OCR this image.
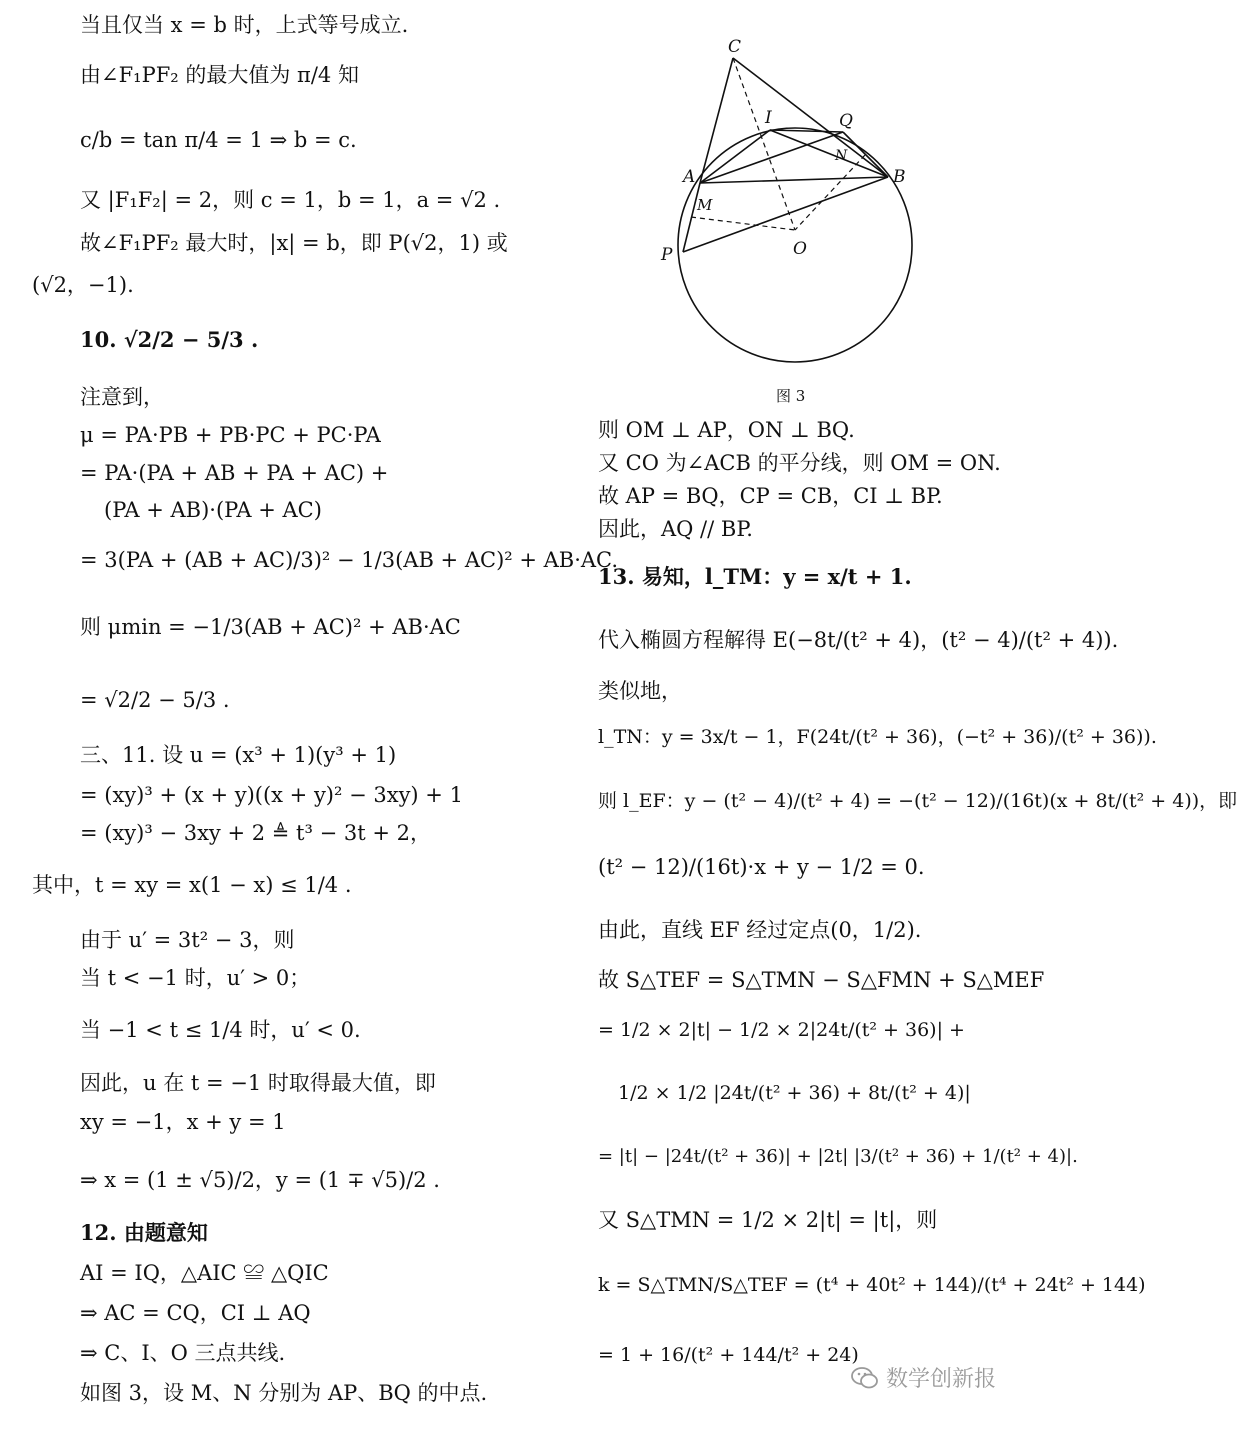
当且仅当 x = b 时，上式等号成立.
由∠F₁PF₂ 的最大值为 π/4 知
c/b = tan π/4 = 1 ⇒ b = c.
又 |F₁F₂| = 2，则 c = 1，b = 1，a = √2 .
故∠F₁PF₂ 最大时，|x| = b，即 P(√2，1) 或
(√2，−1).
10. √2/2 − 5/3 .
注意到，
μ = PA·PB + PB·PC + PC·PA
= PA·(PA + AB + PA + AC) +
(PA + AB)·(PA + AC)
= 3(PA + (AB + AC)/3)² − 1/3(AB + AC)² + AB·AC.
则 μmin = −1/3(AB + AC)² + AB·AC
= √2/2 − 5/3 .
三、11. 设 u = (x³ + 1)(y³ + 1)
= (xy)³ + (x + y)((x + y)² − 3xy) + 1
= (xy)³ − 3xy + 2 ≜ t³ − 3t + 2，
其中，t = xy = x(1 − x) ≤ 1/4 .
由于 u′ = 3t² − 3，则
当 t < −1 时，u′ > 0；
当 −1 < t ≤ 1/4 时，u′ < 0.
因此，u 在 t = −1 时取得最大值，即
xy = −1，x + y = 1
⇒ x = (1 ± √5)/2，y = (1 ∓ √5)/2 .
12. 由题意知
AI = IQ，△AIC ≌ △QIC
⇒ AC = CQ，CI ⊥ AQ
⇒ C、I、O 三点共线.
如图 3，设 M、N 分别为 AP、BQ 的中点.
C
I	Q
N
A	B
M
P	O
图 3
则 OM ⊥ AP，ON ⊥ BQ.
又 CO 为∠ACB 的平分线，则 OM = ON.
故 AP = BQ，CP = CB，CI ⊥ BP.
因此，AQ // BP.
13. 易知，l_TM：y = x/t + 1.
代入椭圆方程解得 E(−8t/(t² + 4)，(t² − 4)/(t² + 4)).
类似地，
l_TN：y = 3x/t − 1，F(24t/(t² + 36)，(−t² + 36)/(t² + 36)).
则 l_EF：y − (t² − 4)/(t² + 4) = −(t² − 12)/(16t)(x + 8t/(t² + 4))，即
(t² − 12)/(16t)·x + y − 1/2 = 0.
由此，直线 EF 经过定点(0，1/2).
故 S△TEF = S△TMN − S△FMN + S△MEF
= 1/2 × 2|t| − 1/2 × 2|24t/(t² + 36)| +
1/2 × 1/2 |24t/(t² + 36) + 8t/(t² + 4)|
= |t| − |24t/(t² + 36)| + |2t| |3/(t² + 36) + 1/(t² + 4)|.
又 S△TMN = 1/2 × 2|t| = |t|，则
k = S△TMN/S△TEF = (t⁴ + 40t² + 144)/(t⁴ + 24t² + 144)
= 1 + 16/(t² + 144/t² + 24)
数学创新报
